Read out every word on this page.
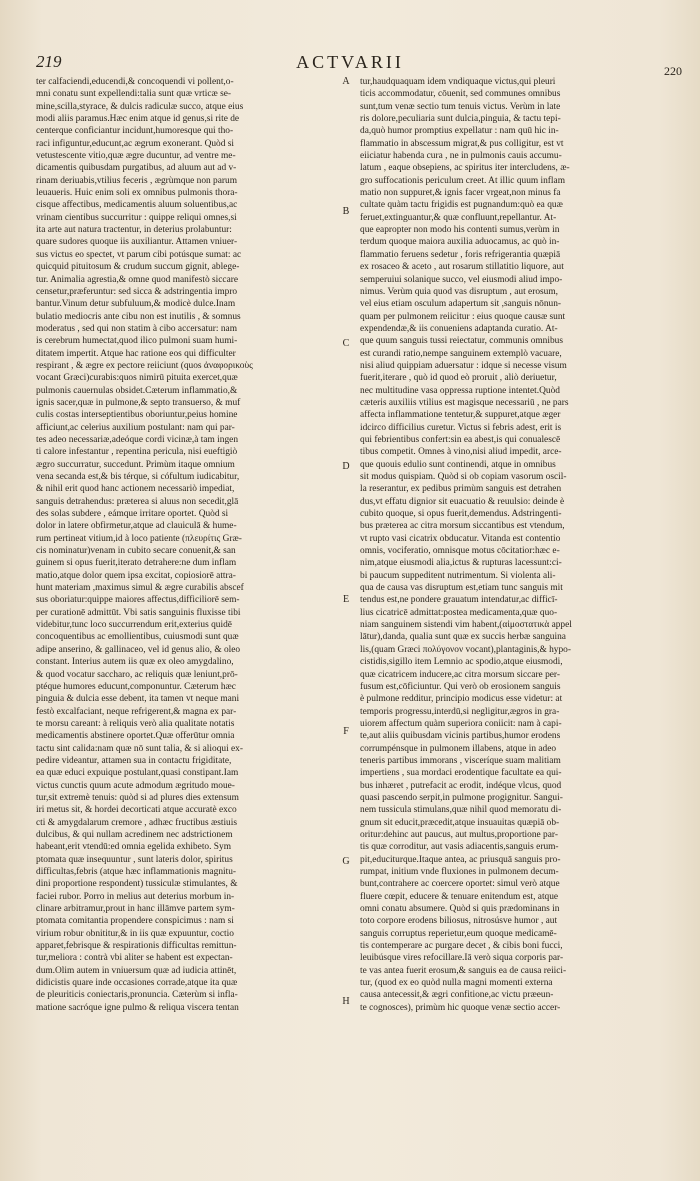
219	ACTVARII	220
ter calfaciendi,educendi,& concoquendi vi pollent,o-
mni conatu sunt expellendi:talia sunt quæ vrticæ se-
mine,scilla,styrace, & dulcis radiculæ succo, atque eius
modi aliis paramus.Hæc enim atque id genus,si rite de
centerque conficiantur incidunt,humoresque qui tho-
raci infiguntur,educunt,ac ægrum exonerant. Quòd si
vetustescente vitio,quæ ægre ducuntur, ad ventre me-
dicamentis quibusdam purgatibus, ad aluum aut ad v-
rinam deriuabis,vtilius feceris , ægrùmque non parum
leuaueris. Huic enim soli ex omnibus pulmonis thora-
cisque affectibus, medicamentis aluum soluentibus,ac
vrinam cientibus succurritur : quippe reliqui omnes,si
ita arte aut natura tractentur, in deterius prolabuntur:
quare sudores quoque iis auxiliantur. Attamen vniuer-
sus victus eo spectet, vt parum cibi potúsque sumat: ac
quicquid pituitosum & crudum succum gignit, ablege-
tur. Animalia agrestia,& omne quod manifestò siccare
censetur,præferuntur: sed sicca & adstringentia impro
bantur.Vinum detur subfuluum,& modicè dulce.Inam
bulatio mediocris ante cibu non est inutilis , & somnus
moderatus , sed qui non statim à cibo accersatur: nam
is cerebrum humectat,quod ilico pulmoni suam humi-
ditatem impertit. Atque hac ratione eos qui difficulter
respirant , & ægre ex pectore reiiciunt (quos ἀναφορικοὺς
vocant Græci)curabis:quos nimirū pituita exercet,quæ
pulmonis cauernulas obsidet.Cæterum inflammatio,&
ignis sacer,quæ in pulmone,& septo transuerso, & muf
culis costas interseptientibus oboriuntur,peius homine
afficiunt,ac celerius auxilium postulant: nam qui par-
tes adeo necessariæ,adeóque cordi vicinæ,à tam ingen
ti calore infestantur , repentina pericula, nisi eueftigiò
ægro succurratur, succedunt. Primùm itaque omnium
vena secanda est,& bis térque, si cófultum iudicabitur,
& nihil erit quod hanc actionem necessariò impediat,
sanguis detrahendus: præterea si aluus non secedit,glā
des solas subdere , eámque irritare oportet. Quòd si
dolor in latere obfirmetur,atque ad clauiculā & hume-
rum pertineat vitium,id à loco patiente (πλευρίτις Græ-
cis nominatur)venam in cubito secare conuenit,& san
guinem si opus fuerit,iterato detrahere:ne dum inflam
matio,atque dolor quem ipsa excitat, copiosiorē attra-
hunt materiam ,maximus simul & ægre curabilis abscef
sus oboriatur:quippe maiores affectus,difficiliorē sem-
per curationē admittūt. Vbi satis sanguinis fluxisse tibi
videbitur,tunc loco succurrendum erit,exterius quidē
concoquentibus ac emollientibus, cuiusmodi sunt quæ
adipe anserino, & gallinaceo, vel id genus alio, & oleo
constant. Interius autem iis quæ ex oleo amygdalino,
& quod vocatur saccharo, ac reliquis quæ leniunt,prō-
ptéque humores educunt,componuntur. Cæterum hæc
pinguia & dulcia esse debent, ita tamen vt neque mani
festò excalfaciant, neque refrigerent,& magna ex par-
te morsu careant: à reliquis verò alia qualitate notatis
medicamentis abstinere oportet.Quæ offerūtur omnia
tactu sint calida:nam quæ nō sunt talia, & si alioqui ex-
pedire videantur, attamen sua in contactu frigiditate,
ea quæ educi expuique postulant,quasi constipant.Iam
victus cunctis quum acute admodum ægritudo moue-
tur,sit extremè tenuis: quòd si ad plures dies extensum
iri metus sit, & hordei decorticati atque accuratè exco
cti & amygdalarum cremore , adhæc fructibus æstiuis
dulcibus, & qui nullam acredinem nec adstrictionem
habeant,erit vtendū:ed omnia egelida exhibeto. Sym
ptomata quæ insequuntur , sunt lateris dolor, spiritus
difficultas,febris (atque hæc inflammationis magnitu-
dini proportione respondent) tussiculæ stimulantes, &
faciei rubor. Porro in melius aut deterius morbum in-
clinare arbitramur,prout in hanc illāmve partem sym-
ptomata comitantia propendere conspicimus : nam si
virium robur obnititur,& in iis quæ expuuntur, coctio
apparet,febrisque & respirationis difficultas remittun-
tur,meliora : contrà vbi aliter se habent est expectan-
dum.Olim autem in vniuersum quæ ad iudicia attinēt,
didicistis quare inde occasiones corrade,atque ita quæ
de pleuriticis coniectaris,pronuncia. Cæterùm si infla-
matione sacróque igne pulmo & reliqua viscera tentan
A
B
C
D
E
F
G
H
tur,haudquaquam idem vndiquaque victus,qui pleuri
ticis accommodatur, cōuenit, sed communes omnibus
sunt,tum venæ sectio tum tenuis victus. Verùm in late
ris dolore,peculiaria sunt dulcia,pinguia, & tactu tepi-
da,quò humor promptius expellatur : nam quū hic in-
flammatio in abscessum migrat,& pus colligitur, est vt
eiiciatur habenda cura , ne in pulmonis cauis accumu-
latum , eaque obsepiens, ac spiritus iter intercludens, æ-
gro suffocationis periculum creet. At illic quum inflam
matio non suppuret,& ignis facer vrgeat,non minus fa
cultate quàm tactu frigidis est pugnandum:quò ea quæ
feruet,extinguantur,& quæ confluunt,repellantur. At-
que eapropter non modo his contenti sumus,verùm in
terdum quoque maiora auxilia aduocamus, ac quò in-
flammatio feruens sedetur , foris refrigerantia quæpiā
ex rosaceo & aceto , aut rosarum stillatitio liquore, aut
semperuiui solanique succo, vel eiusmodi aliud impo-
nimus. Verùm quia quod vas disruptum , aut erosum,
vel eius etiam osculum adapertum sit ,sanguis nōnun-
quam per pulmonem reiicitur : eius quoque causæ sunt
expendendæ,& iis conueniens adaptanda curatio. At-
que quum sanguis tussi reiectatur, communis omnibus
est curandi ratio,nempe sanguinem extemplò vacuare,
nisi aliud quippiam aduersatur : idque si necesse visum
fuerit,iterare , quò id quod eò proruit , aliò deriuetur,
nec multitudine vasa oppressa ruptione intentet.Quòd
cæteris auxiliis vtilius est magisque necessariū , ne pars
affecta inflammatione tentetur,& suppuret,atque æger
idcirco difficilius curetur. Victus si febris adest, erit is
qui febrientibus confert:sin ea abest,is qui conualescē
tibus competit. Omnes à vino,nisi aliud impedit, arce-
que quouis edulio sunt continendi, atque in omnibus
sit modus quispiam. Quòd si ob copiam vasorum oscil-
la reserantur, ex pedibus primùm sanguis est detrahen
dus,vt effatu dignior sit euacuatio & reuulsio: deinde è
cubito quoque, si opus fuerit,demendus. Adstringenti-
bus præterea ac citra morsum siccantibus est vtendum,
vt rupto vasi cicatrix obducatur. Vitanda est contentio
omnis, vociferatio, omnisque motus cōcitatior:hæc e-
nim,atque eiusmodi alia,ictus & rupturas lacessunt:ci-
bi paucum suppeditent nutrimentum. Si violenta ali-
qua de causa vas disruptum est,etiam tunc sanguis mit
tendus est,ne pondere grauatum intendatur,ac difficī-
lius cicatricē admittat:postea medicamenta,quæ quo-
niam sanguinem sistendi vim habent,(αἱμοστατικὰ appel
lātur),danda, qualia sunt quæ ex succis herbæ sanguina
lis,(quam Græci πολύγονον vocant),plantaginis,& hypo-
cistidis,sigillo item Lemnio ac spodio,atque eiusmodi,
quæ cicatricem inducere,ac citra morsum siccare per-
fusum est,cōficiuntur. Qui verò ob erosionem sanguis
è pulmone redditur, principio modicus esse videtur: at
temporis progressu,interdū,si negligitur,ægros in gra-
uiorem affectum quàm superiora coniicit: nam à capi-
te,aut aliis quibusdam vicinis partibus,humor erodens
corrumpénsque in pulmonem illabens, atque in adeo
teneris partibus immorans , visceríque suam malitiam
impertiens , sua mordaci erodentique facultate ea qui-
bus inhæret , putrefacit ac erodit, indéque vlcus, quod
quasi pascendo serpit,in pulmone progignitur. Sangui-
nem tussicula stimulans,quæ nihil quod memoratu di-
gnum sit educit,præcedit,atque insuauitas quæpiā ob-
oritur:dehinc aut paucus, aut multus,proportione par-
tis quæ corroditur, aut vasis adiacentis,sanguis erum-
pit,educiturque.Itaque antea, ac priusquā sanguis pro-
rumpat, initium vnde fluxiones in pulmonem decum-
bunt,contrahere ac coercere oportet: simul verò atque
fluere cœpit, educere & tenuare enitendum est, atque
omni conatu absumere. Quòd si quis prædominans in
toto corpore erodens biliosus, nitrosúsve humor , aut
sanguis corruptus reperietur,eum quoque medicamē-
tis contemperare ac purgare decet , & cibis boni fucci,
leuibúsque vires refocillare.Iā verò siqua corporis par-
te vas antea fuerit erosum,& sanguis ea de causa reiici-
tur, (quod ex eo quòd nulla magni momenti externa
causa antecessit,& ægri confitione,ac victu præeun-
te cognosces), primùm hic quoque venæ sectio accer-
